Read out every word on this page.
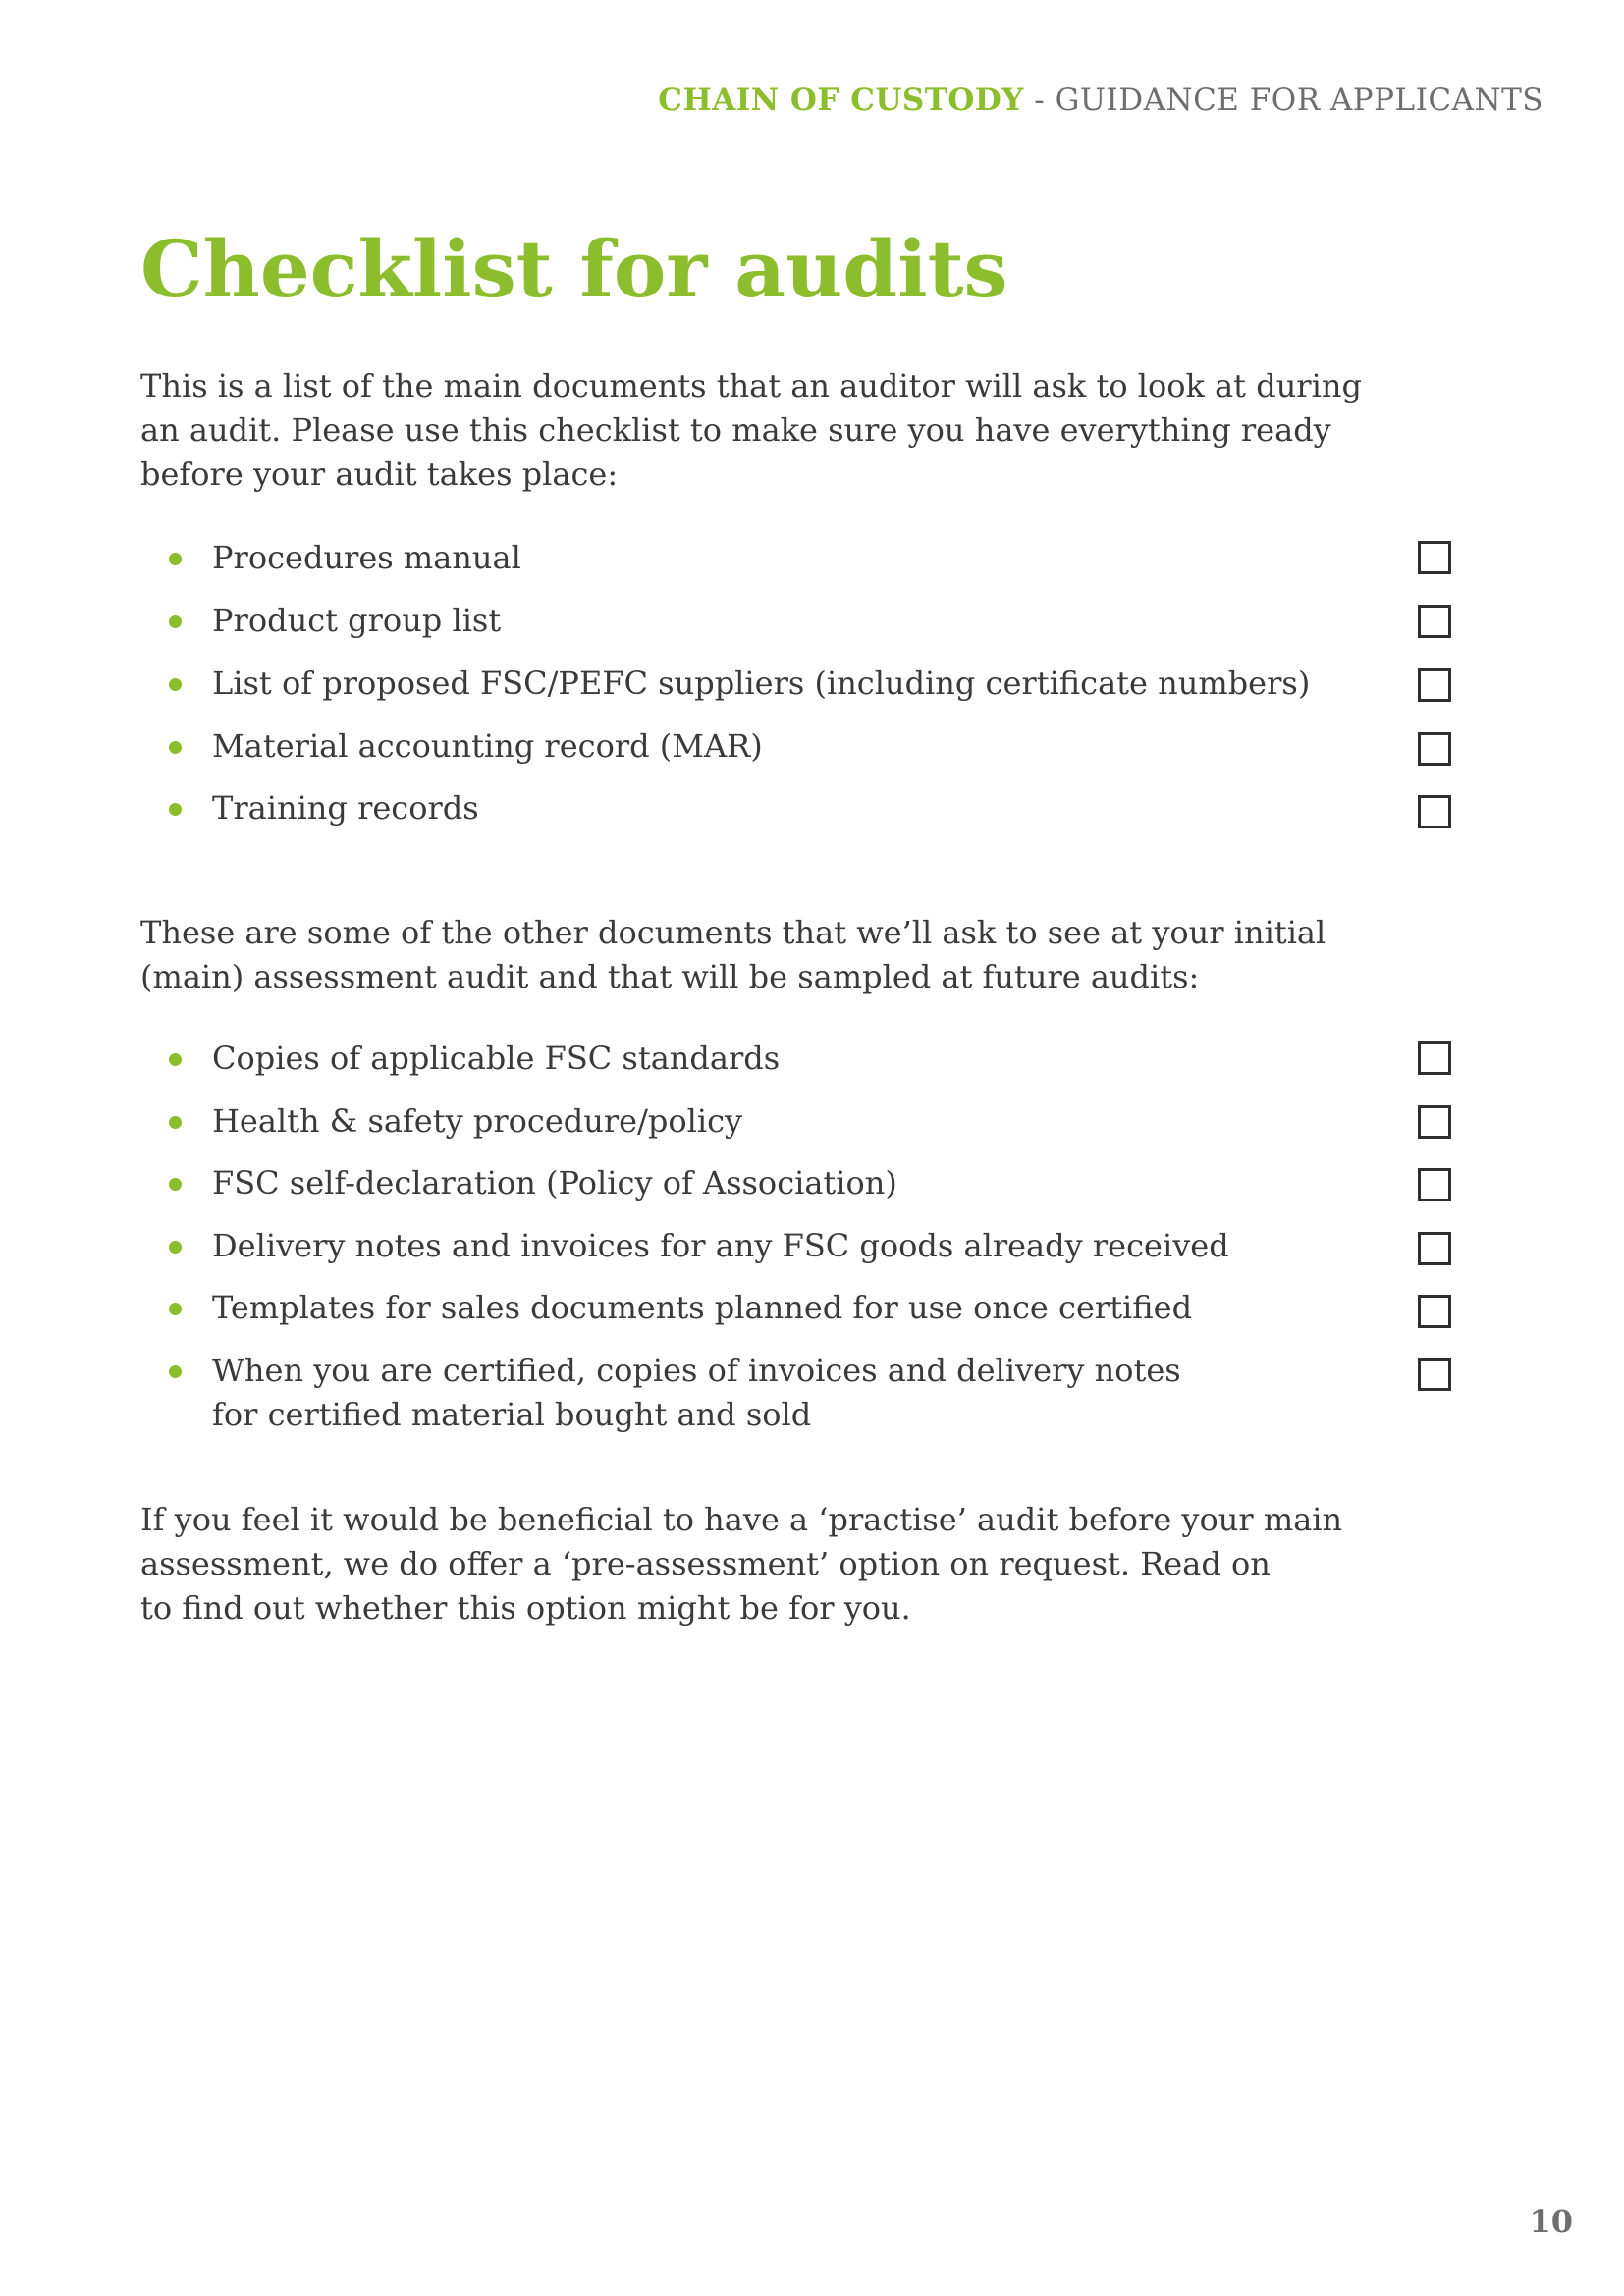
CHAIN OF CUSTODY - GUIDANCE FOR APPLICANTS
Checklist for audits

This is a list of the main documents that an auditor will ask to look at during
an audit. Please use this checklist to make sure you have everything ready
before your audit takes place:

Procedures manual
Product group list
List of proposed FSC/PEFC suppliers (including certificate numbers)
Material accounting record (MAR)
Training records

These are some of the other documents that we’ll ask to see at your initial
(main) assessment audit and that will be sampled at future audits:

Copies of applicable FSC standards
Health & safety procedure/policy
FSC self-declaration (Policy of Association)
Delivery notes and invoices for any FSC goods already received
Templates for sales documents planned for use once certified
When you are certified, copies of invoices and delivery notes
for certified material bought and sold

If you feel it would be beneficial to have a ‘practise’ audit before your main
assessment, we do offer a ‘pre-assessment’ option on request. Read on
to find out whether this option might be for you.

10
